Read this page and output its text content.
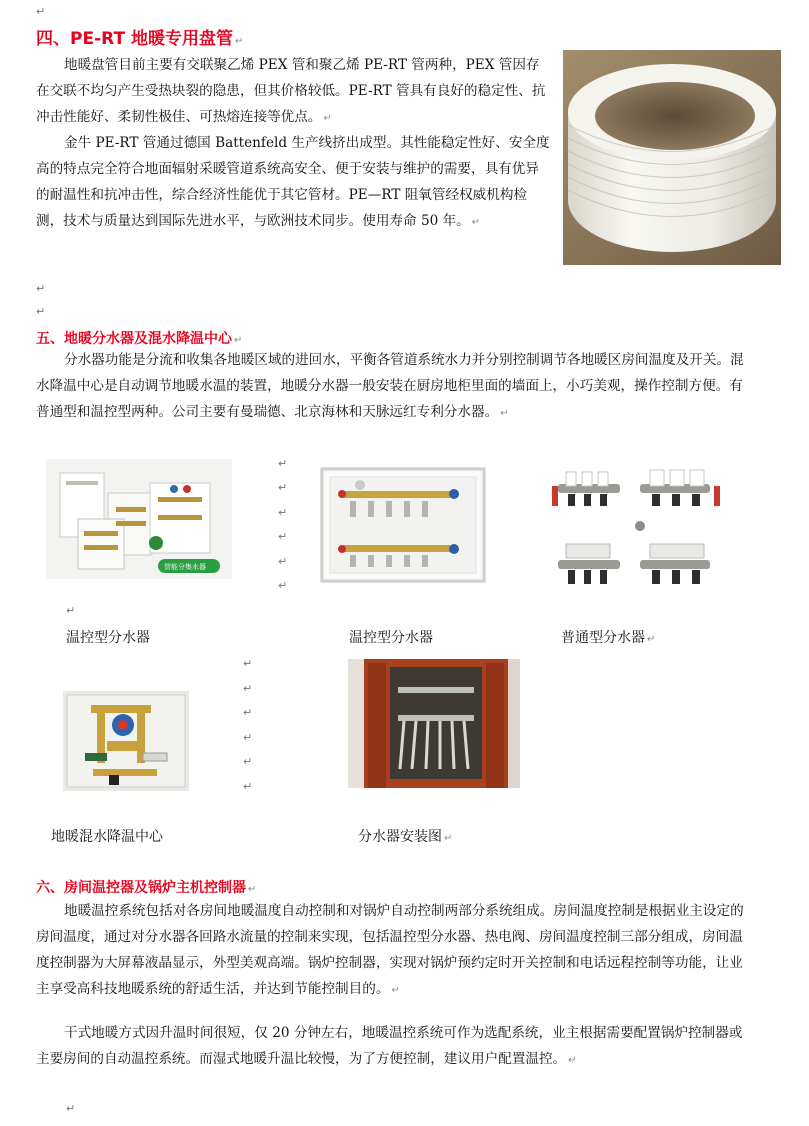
↵
四、PE-RT 地暖专用盘管 ↵
地暖盘管目前主要有交联聚乙烯 PEX 管和聚乙烯 PE-RT 管两种，PEX 管因存在交联不均匀产生受热块裂的隐患，但其价格较低。PE-RT 管具有良好的稳定性、抗冲击性能好、柔韧性极佳、可热熔连接等优点。 ↵
金牛 PE-RT 管通过德国 Battenfeld 生产线挤出成型。其性能稳定性好、安全度高的特点完全符合地面辐射采暖管道系统高安全、便于安装与维护的需要，具有优异的耐温性和抗冲击性，综合经济性能优于其它管材。PE—RT 阻氧管经权威机构检测，技术与质量达到国际先进水平，与欧洲技术同步。使用寿命 50 年。 ↵
↵
↵
五、地暖分水器及混水降温中心 ↵
分水器功能是分流和收集各地暖区域的进回水，平衡各管道系统水力并分别控制调节各地暖区房间温度及开关。混水降温中心是自动调节地暖水温的装置，地暖分水器一般安装在厨房地柜里面的墙面上，小巧美观，操作控制方便。有普通型和温控型两种。公司主要有曼瑞德、北京海林和天脉远红专利分水器。 ↵
智能分集水器
↵
↵
↵
↵
↵
↵
↵
温控型分水器	温控型分水器	普通型分水器 ↵
↵
↵
↵
↵
↵
↵
地暖混水降温中心	分水器安装图 ↵
六、房间温控器及锅炉主机控制器 ↵
地暖温控系统包括对各房间地暖温度自动控制和对锅炉自动控制两部分系统组成。房间温度控制是根据业主设定的房间温度，通过对分水器各回路水流量的控制来实现，包括温控型分水器、热电阀、房间温度控制三部分组成，房间温度控制器为大屏幕液晶显示，外型美观高端。锅炉控制器，实现对锅炉预约定时开关控制和电话远程控制等功能，让业主享受高科技地暖系统的舒适生活，并达到节能控制目的。 ↵
干式地暖方式因升温时间很短，仅 20 分钟左右，地暖温控系统可作为选配系统，业主根据需要配置锅炉控制器或主要房间的自动温控系统。而湿式地暖升温比较慢，为了方便控制，建议用户配置温控。 ↵
↵
